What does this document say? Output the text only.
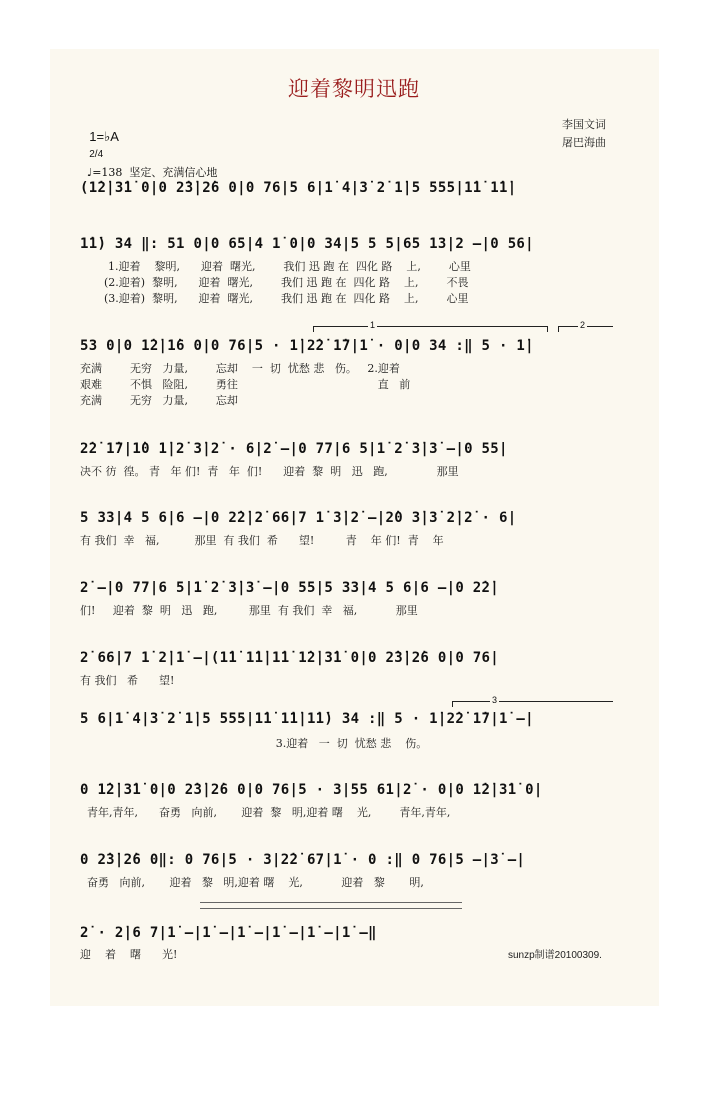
迎着黎明迅跑

1=♭A
2/4

李国文词
屠巴海曲

♩=138  坚定、充满信心地

(1̇2̇|3̇1̇ 0|0 2̇3̇|2̇6 0|0 76|5 6|1̇ 4|3̇ 2̇ 1̇|5 555|1̇1̇ 1̇1̇|
1̇1̇) 34 ‖: 51 0|0 65|4 1̇ 0|0 34|5 5 5|65 13|2 –|0 56|
1.迎着    黎明,      迎着  曙光,        我们 迅 跑 在  四化 路    上,        心里
(2.迎着)  黎明,      迎着  曙光,        我们 迅 跑 在  四化 路    上,        不畏
(3.迎着)  黎明,      迎着  曙光,        我们 迅 跑 在  四化 路    上,        心里
1	2
53 0|0 1̇2̇|1̇6 0|0 76|5 · 1̇|2̇2̇ 1̇7|1̇ · 0|0 34 :‖ 5 · 1̇|
充满        无穷   力量,        忘却    一  切  忧愁 悲   伤。   2.迎着
艰难        不惧   险阻,        勇往                                        直   前
充满        无穷   力量,        忘却
2̇2̇ 1̇7|1̇0 1̇|2̇ 3̇|2̇ · 6|2̇ –|0 77|6 5|1̇ 2̇ 3̇|3̇ –|0 55|
决不 彷  徨。 青   年 们!  青   年  们!      迎着  黎  明   迅   跑,              那里
5 33|4 5 6|6 –|0 2̇2̇|2̇ 66|7 1̇ 3̇|2̇ –|2̇0 3̇|3̇ 2̇|2̇ · 6|
有 我们  幸   福,          那里  有 我们  希      望!         青    年 们!  青    年
2̇ –|0 77|6 5|1̇ 2̇ 3̇|3̇ –|0 55|5 33|4 5 6|6 –|0 2̇2̇|
们!     迎着  黎  明   迅   跑,         那里  有 我们  幸   福,           那里
2̇ 66|7 1̇ 2̇|1̇ –|(1̇1̇ 1̇1̇|1̇1̇ 1̇2̇|3̇1̇ 0|0 2̇3̇|2̇6 0|0 76|
有 我们   希      望!
3
5 6|1̇ 4|3̇ 2̇ 1̇|5 555|1̇1̇ 1̇1̇|1̇1̇) 34 :‖ 5 · 1̇|2̇2̇ 1̇7|1̇ –|
3.迎着   一  切  忧愁 悲    伤。
0 1̇2̇|3̇1̇ 0|0 2̇3̇|2̇6 0|0 76|5 · 3|55 61|2̇ · 0|0 1̇2̇|3̇1̇ 0|
青年,青年,      奋勇   向前,       迎着  黎   明,迎着 曙    光,        青年,青年,
0 2̇3̇|2̇6 0‖: 0 76|5 · 3|2̇2̇ 67|1̇ · 0 :‖ 0 76|5 –|3̇ –|
奋勇   向前,       迎着   黎   明,迎着 曙    光,           迎着   黎       明,
2̇ · 2̇|6 7|1̇ –|1̇ –|1̇ –|1̇ –|1̇ –|1̇ –‖
迎    着    曙      光!	sunzp制谱20100309.
